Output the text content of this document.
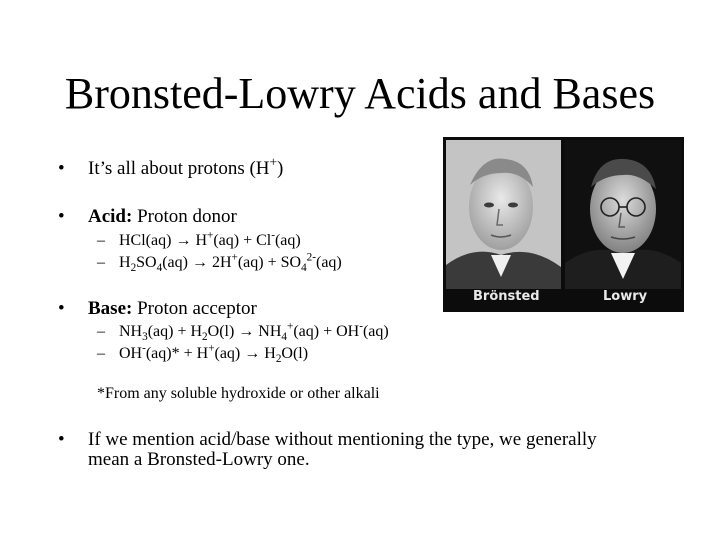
Bronsted-Lowry Acids and Bases
• It’s all about protons (H+)
• Acid: Proton donor
– HCl(aq) → H+(aq) + Cl-(aq)
– $H_2SO_4(aq) \to 2H^+(aq) + SO_4^{2-}(aq)$
• Base: Proton acceptor
– $NH_3(aq) + H_2O(l) \to NH_4^+(aq) + OH^-(aq)$
– $OH^-(aq)* + H^+(aq) \to H_2O(l)$
*From any soluble hydroxide or other alkali
• If we mention acid/base without mentioning the type, we generally
mean a Bronsted-Lowry one.
Brönsted	Lowry
